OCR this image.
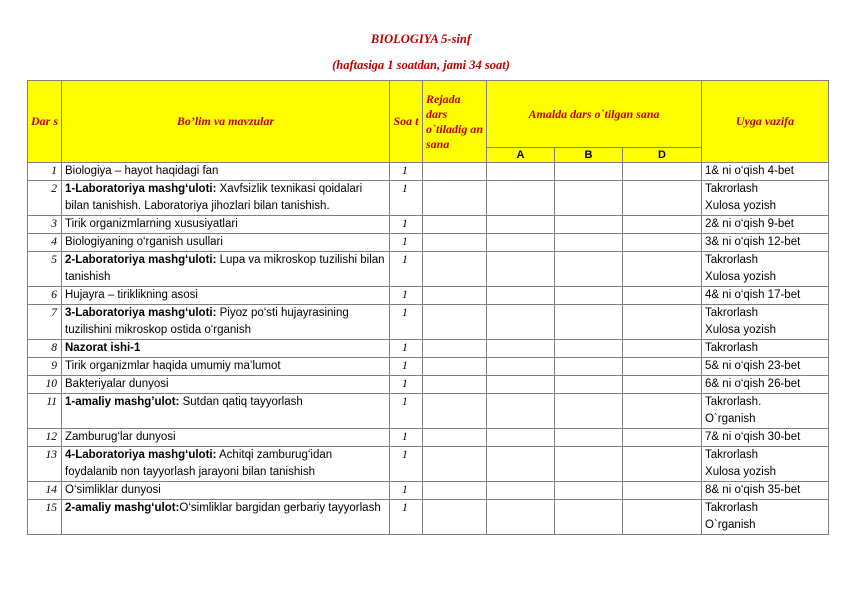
BIOLOGIYA 5-sinf
(haftasiga 1 soatdan, jami 34 soat)
Dar s	Bo’lim va mavzular	Soa t	Rejada dars o`tiladig an sana	Amalda dars o`tilgan sana			Uyga vazifa
				A	B	D	
1	Biologiya – hayot haqidagi fan	1					1& ni o‘qish 4-bet

2	1-Laboratoriya mashg‘uloti: Xavfsizlik texnikasi qoidalari bilan tanishish. Laboratoriya jihozlari bilan tanishish.	1					Takrorlash
Xulosa yozish

3	Tirik organizmlarning xususiyatlari	1					2& ni o‘qish 9-bet

4	Biologiyaning o‘rganish usullari	1					3& ni o‘qish 12-bet

5	2-Laboratoriya mashg‘uloti: Lupa va mikroskop tuzilishi bilan tanishish	1					Takrorlash
Xulosa yozish

6	Hujayra – tiriklikning asosi	1					4& ni o‘qish 17-bet

7	3-Laboratoriya mashg‘uloti: Piyoz po‘sti hujayrasining tuzilishini mikroskop ostida o‘rganish	1					Takrorlash
Xulosa yozish

8	Nazorat ishi-1	1					Takrorlash

9	Tirik organizmlar haqida umumiy ma’lumot	1					5& ni o‘qish 23-bet

10	Bakteriyalar dunyosi	1					6& ni o‘qish 26-bet

11	1-amaliy mashg’ulot: Sutdan qatiq tayyorlash	1					Takrorlash.
O`rganish

12	Zamburug‘lar dunyosi	1					7& ni o‘qish 30-bet

13	4-Laboratoriya mashg‘uloti: Achitqi zamburug‘idan foydalanib non tayyorlash jarayoni bilan tanishish	1					Takrorlash
Xulosa yozish

14	O‘simliklar dunyosi	1					8& ni o‘qish 35-bet

15	2-amaliy mashg‘ulot:O‘simliklar bargidan gerbariy tayyorlash	1					Takrorlash
O`rganish
